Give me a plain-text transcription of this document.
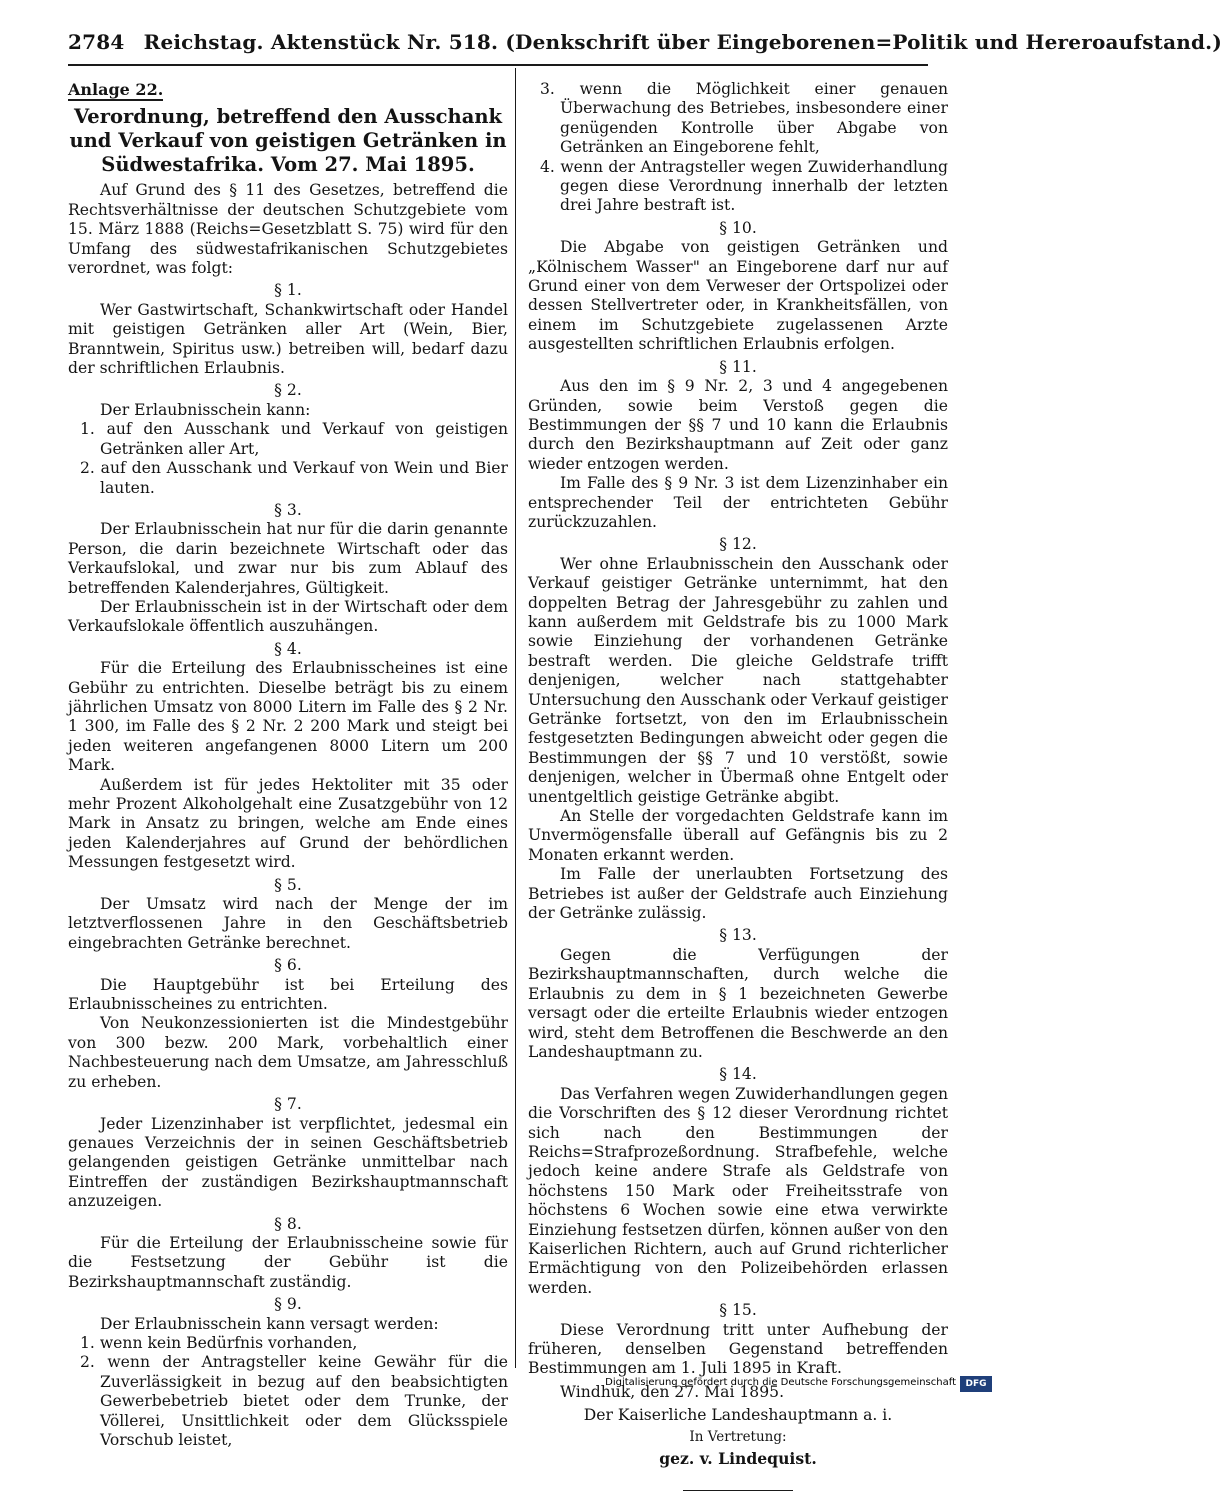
2784 Reichstag. Aktenstück Nr. 518. (Denkschrift über Eingeborenen=Politik und Hereroaufstand.)

Anlage 22.

Verordnung, betreffend den Ausschank und Verkauf von geistigen Getränken in Südwestafrika. Vom 27. Mai 1895.

Auf Grund des § 11 des Gesetzes, betreffend die Rechtsverhältnisse der deutschen Schutzgebiete vom 15. März 1888 (Reichs=Gesetzblatt S. 75) wird für den Umfang des südwestafrikanischen Schutzgebietes verordnet, was folgt:

§ 1.

Wer Gastwirtschaft, Schankwirtschaft oder Handel mit geistigen Getränken aller Art (Wein, Bier, Branntwein, Spiritus usw.) betreiben will, bedarf dazu der schriftlichen Erlaubnis.

§ 2.

Der Erlaubnisschein kann:

1. auf den Ausschank und Verkauf von geistigen Getränken aller Art,
2. auf den Ausschank und Verkauf von Wein und Bier lauten.

§ 3.

Der Erlaubnisschein hat nur für die darin genannte Person, die darin bezeichnete Wirtschaft oder das Verkaufslokal, und zwar nur bis zum Ablauf des betreffenden Kalenderjahres, Gültigkeit.

Der Erlaubnisschein ist in der Wirtschaft oder dem Verkaufslokale öffentlich auszuhängen.

§ 4.

Für die Erteilung des Erlaubnisscheines ist eine Gebühr zu entrichten. Dieselbe beträgt bis zu einem jährlichen Umsatz von 8000 Litern im Falle des § 2 Nr. 1 300, im Falle des § 2 Nr. 2 200 Mark und steigt bei jeden weiteren angefangenen 8000 Litern um 200 Mark.

Außerdem ist für jedes Hektoliter mit 35 oder mehr Prozent Alkoholgehalt eine Zusatzgebühr von 12 Mark in Ansatz zu bringen, welche am Ende eines jeden Kalenderjahres auf Grund der behördlichen Messungen festgesetzt wird.

§ 5.

Der Umsatz wird nach der Menge der im letztverflossenen Jahre in den Geschäftsbetrieb eingebrachten Getränke berechnet.

§ 6.

Die Hauptgebühr ist bei Erteilung des Erlaubnisscheines zu entrichten.

Von Neukonzessionierten ist die Mindestgebühr von 300 bezw. 200 Mark, vorbehaltlich einer Nachbesteuerung nach dem Umsatze, am Jahresschluß zu erheben.

§ 7.

Jeder Lizenzinhaber ist verpflichtet, jedesmal ein genaues Verzeichnis der in seinen Geschäftsbetrieb gelangenden geistigen Getränke unmittelbar nach Eintreffen der zuständigen Bezirkshauptmannschaft anzuzeigen.

§ 8.

Für die Erteilung der Erlaubnisscheine sowie für die Festsetzung der Gebühr ist die Bezirkshauptmannschaft zuständig.

§ 9.

Der Erlaubnisschein kann versagt werden:

1. wenn kein Bedürfnis vorhanden,
2. wenn der Antragsteller keine Gewähr für die Zuverlässigkeit in bezug auf den beabsichtigten Gewerbebetrieb bietet oder dem Trunke, der Völlerei, Unsittlichkeit oder dem Glücksspiele Vorschub leistet,
3. wenn die Möglichkeit einer genauen Überwachung des Betriebes, insbesondere einer genügenden Kontrolle über Abgabe von Getränken an Eingeborene fehlt,
4. wenn der Antragsteller wegen Zuwiderhandlung gegen diese Verordnung innerhalb der letzten drei Jahre bestraft ist.

§ 10.

Die Abgabe von geistigen Getränken und „Kölnischem Wasser" an Eingeborene darf nur auf Grund einer von dem Verweser der Ortspolizei oder dessen Stellvertreter oder, in Krankheitsfällen, von einem im Schutzgebiete zugelassenen Arzte ausgestellten schriftlichen Erlaubnis erfolgen.

§ 11.

Aus den im § 9 Nr. 2, 3 und 4 angegebenen Gründen, sowie beim Verstoß gegen die Bestimmungen der §§ 7 und 10 kann die Erlaubnis durch den Bezirkshauptmann auf Zeit oder ganz wieder entzogen werden.

Im Falle des § 9 Nr. 3 ist dem Lizenzinhaber ein entsprechender Teil der entrichteten Gebühr zurückzuzahlen.

§ 12.

Wer ohne Erlaubnisschein den Ausschank oder Verkauf geistiger Getränke unternimmt, hat den doppelten Betrag der Jahresgebühr zu zahlen und kann außerdem mit Geldstrafe bis zu 1000 Mark sowie Einziehung der vorhandenen Getränke bestraft werden. Die gleiche Geldstrafe trifft denjenigen, welcher nach stattgehabter Untersuchung den Ausschank oder Verkauf geistiger Getränke fortsetzt, von den im Erlaubnisschein festgesetzten Bedingungen abweicht oder gegen die Bestimmungen der §§ 7 und 10 verstößt, sowie denjenigen, welcher in Übermaß ohne Entgelt oder unentgeltlich geistige Getränke abgibt.

An Stelle der vorgedachten Geldstrafe kann im Unvermögensfalle überall auf Gefängnis bis zu 2 Monaten erkannt werden.

Im Falle der unerlaubten Fortsetzung des Betriebes ist außer der Geldstrafe auch Einziehung der Getränke zulässig.

§ 13.

Gegen die Verfügungen der Bezirkshauptmannschaften, durch welche die Erlaubnis zu dem in § 1 bezeichneten Gewerbe versagt oder die erteilte Erlaubnis wieder entzogen wird, steht dem Betroffenen die Beschwerde an den Landeshauptmann zu.

§ 14.

Das Verfahren wegen Zuwiderhandlungen gegen die Vorschriften des § 12 dieser Verordnung richtet sich nach den Bestimmungen der Reichs=Strafprozeßordnung. Strafbefehle, welche jedoch keine andere Strafe als Geldstrafe von höchstens 150 Mark oder Freiheitsstrafe von höchstens 6 Wochen sowie eine etwa verwirkte Einziehung festsetzen dürfen, können außer von den Kaiserlichen Richtern, auch auf Grund richterlicher Ermächtigung von den Polizeibehörden erlassen werden.

§ 15.

Diese Verordnung tritt unter Aufhebung der früheren, denselben Gegenstand betreffenden Bestimmungen am 1. Juli 1895 in Kraft.

Windhuk, den 27. Mai 1895.

Der Kaiserliche Landeshauptmann a. i.

In Vertretung:

gez. v. Lindequist.

Digitalisierung gefördert durch die Deutsche Forschungsgemeinschaft	DFG
